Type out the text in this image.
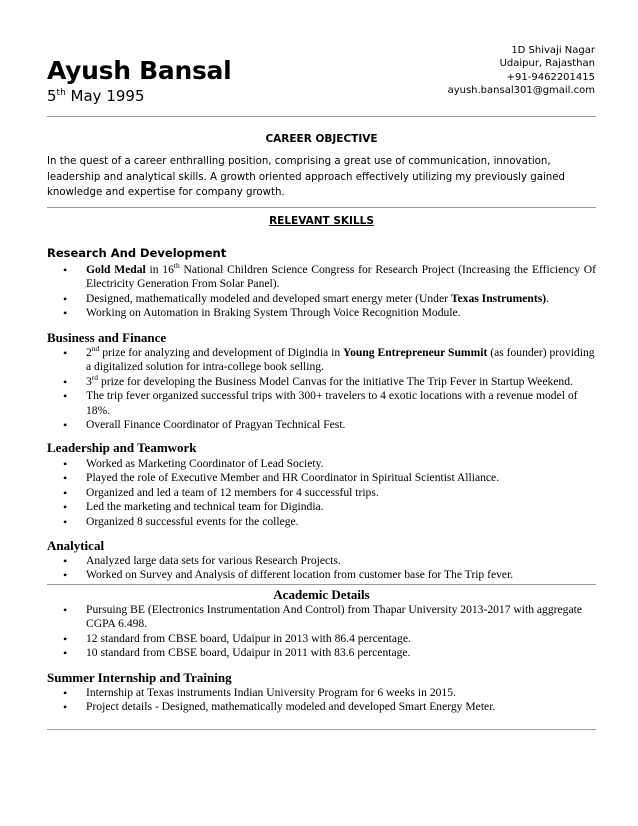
Ayush Bansal
5th May 1995
1D Shivaji Nagar
Udaipur, Rajasthan
+91-9462201415
ayush.bansal301@gmail.com
CAREER OBJECTIVE
In the quest of a career enthralling position, comprising a great use of communication, innovation, leadership and analytical skills. A growth oriented approach effectively utilizing my previously gained knowledge and expertise for company growth.
RELEVANT SKILLS
Research And Development
• Gold Medal in 16th National Children Science Congress for Research Project (Increasing the Efficiency Of Electricity Generation From Solar Panel).
• Designed, mathematically modeled and developed smart energy meter (Under Texas Instruments).
• Working on Automation in Braking System Through Voice Recognition Module.
Business and Finance
• 2nd prize for analyzing and development of Digindia in Young Entrepreneur Summit (as founder) providing a digitalized solution for intra-college book selling.
• 3rd prize for developing the Business Model Canvas for the initiative The Trip Fever in Startup Weekend.
• The trip fever organized successful trips with 300+ travelers to 4 exotic locations with a revenue model of 18%.
• Overall Finance Coordinator of Pragyan Technical Fest.
Leadership and Teamwork
• Worked as Marketing Coordinator of Lead Society.
• Played the role of Executive Member and HR Coordinator in Spiritual Scientist Alliance.
• Organized and led a team of 12 members for 4 successful trips.
• Led the marketing and technical team for Digindia.
• Organized 8 successful events for the college.
Analytical
• Analyzed large data sets for various Research Projects.
• Worked on Survey and Analysis of different location from customer base for The Trip fever.
Academic Details
• Pursuing BE (Electronics Instrumentation And Control) from Thapar University 2013-2017 with aggregate CGPA 6.498.
• 12 standard from CBSE board, Udaipur in 2013 with 86.4 percentage.
• 10 standard from CBSE board, Udaipur in 2011 with 83.6 percentage.
Summer Internship and Training
• Internship at Texas instruments Indian University Program for 6 weeks in 2015.
• Project details - Designed, mathematically modeled and developed Smart Energy Meter.
